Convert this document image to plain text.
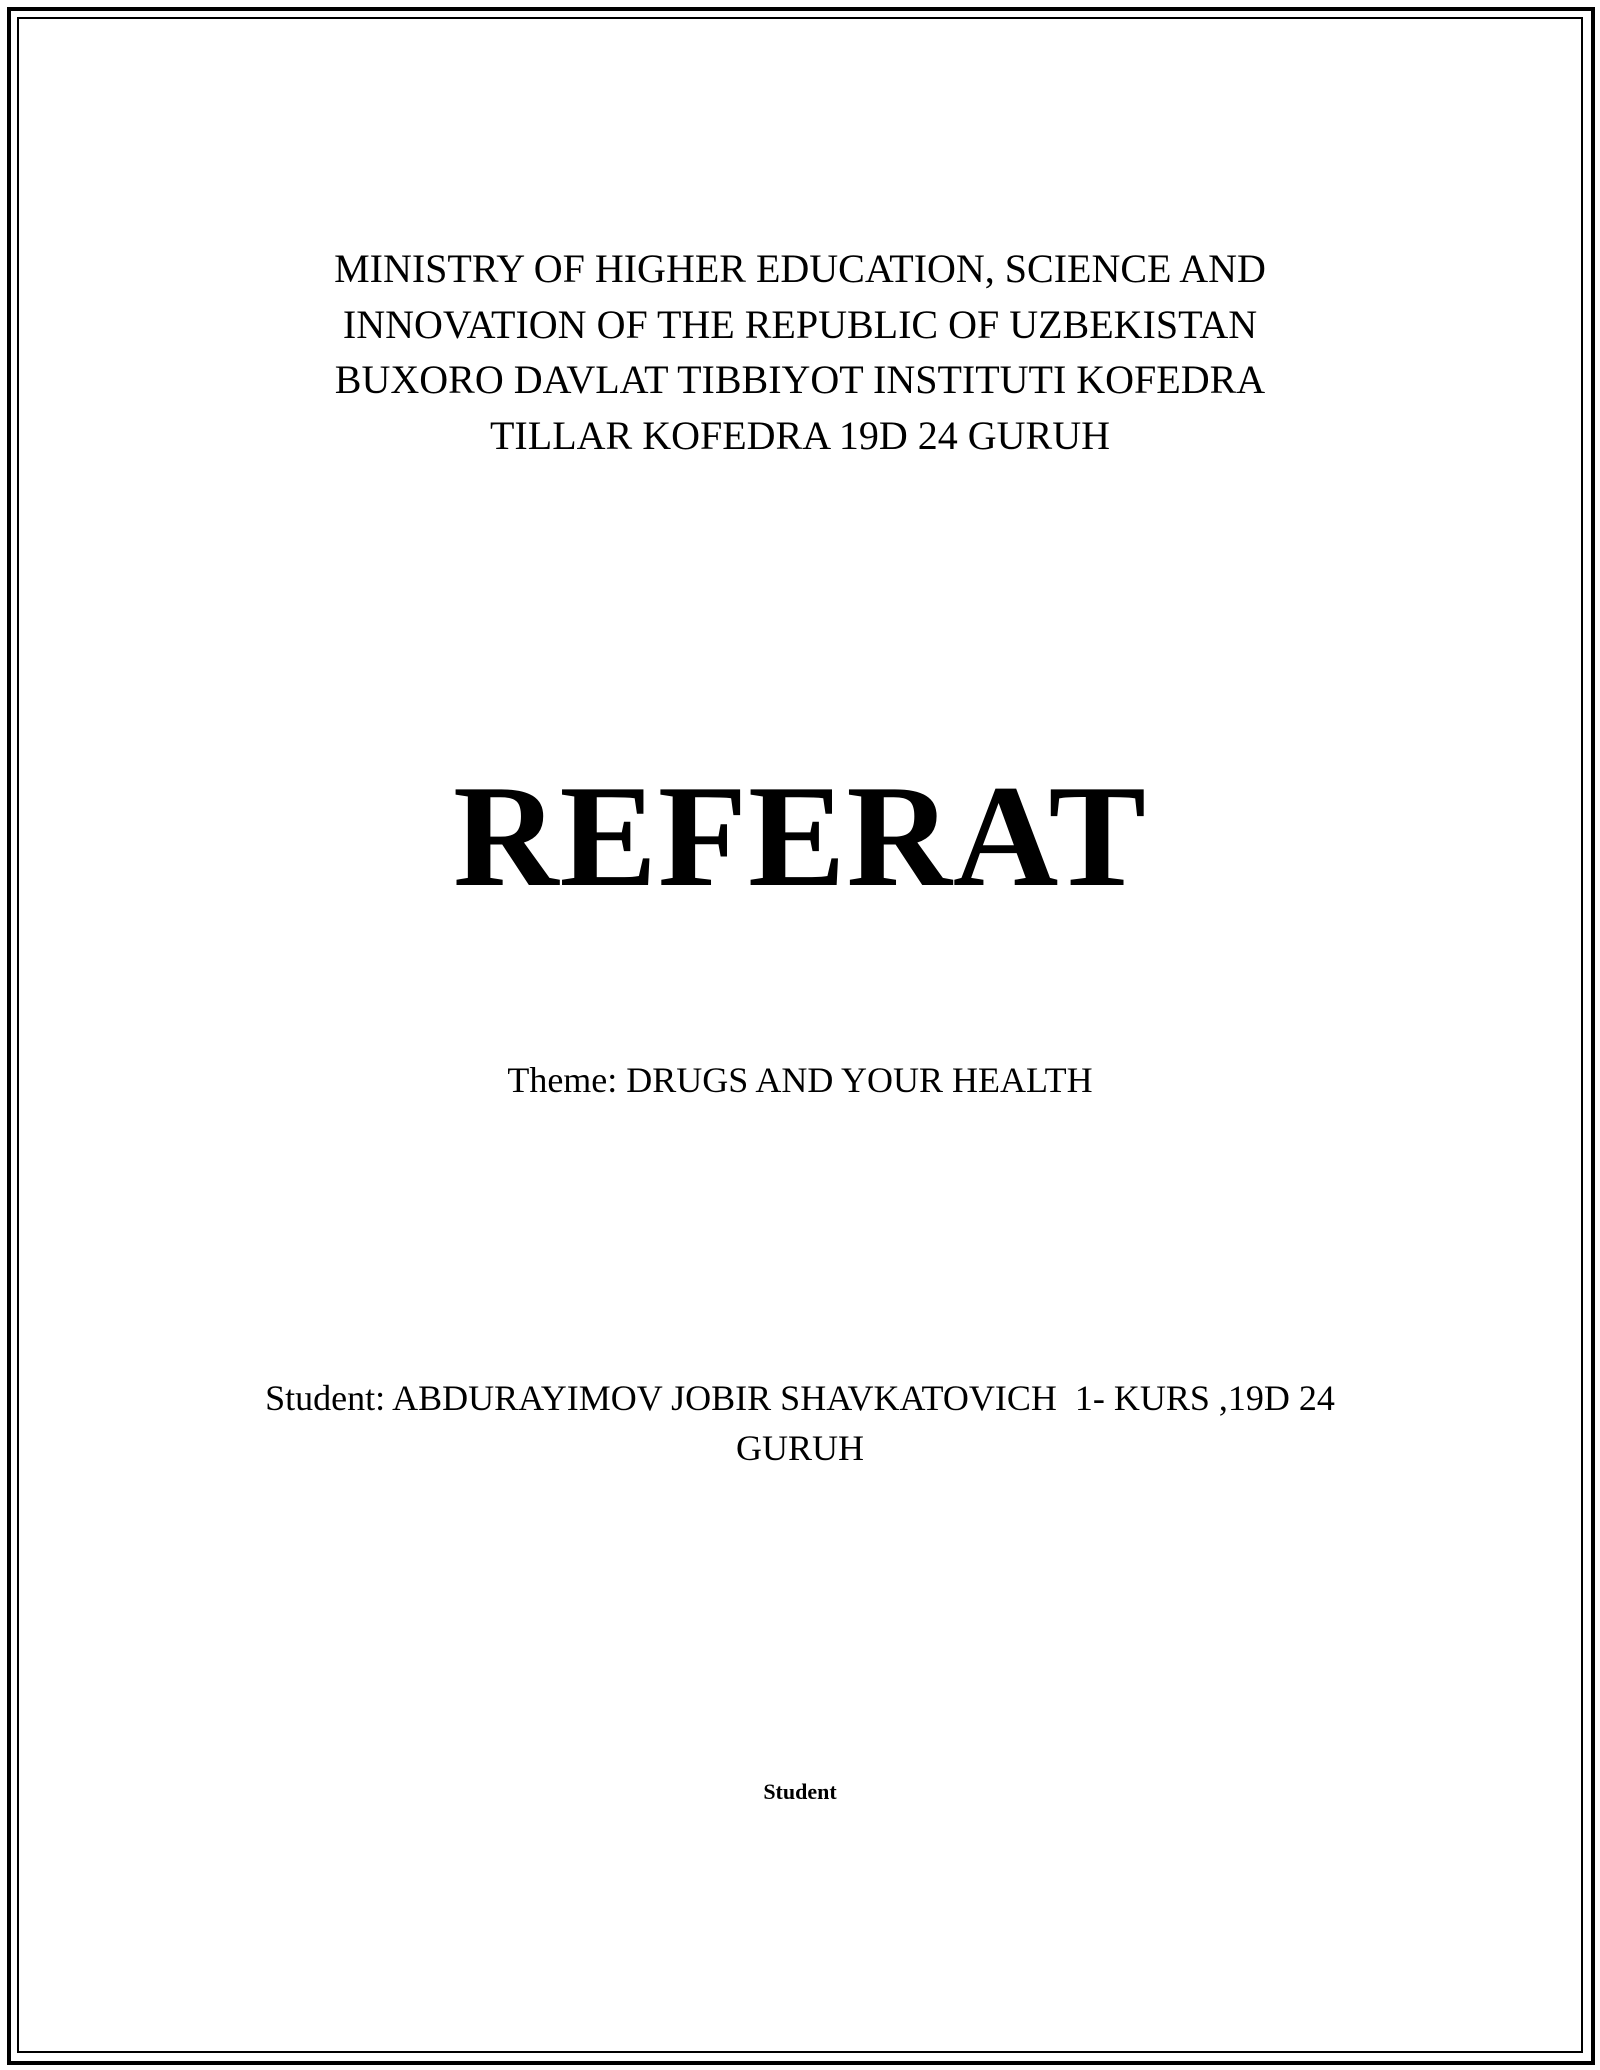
MINISTRY OF HIGHER EDUCATION, SCIENCE AND
INNOVATION OF THE REPUBLIC OF UZBEKISTAN
BUXORO DAVLAT TIBBIYOT INSTITUTI KOFEDRA
TILLAR KOFEDRA 19D 24 GURUH
REFERAT
Theme: DRUGS AND YOUR HEALTH
Student: ABDURAYIMOV JOBIR SHAVKATOVICH  1- KURS ,19D 24
GURUH
Student
